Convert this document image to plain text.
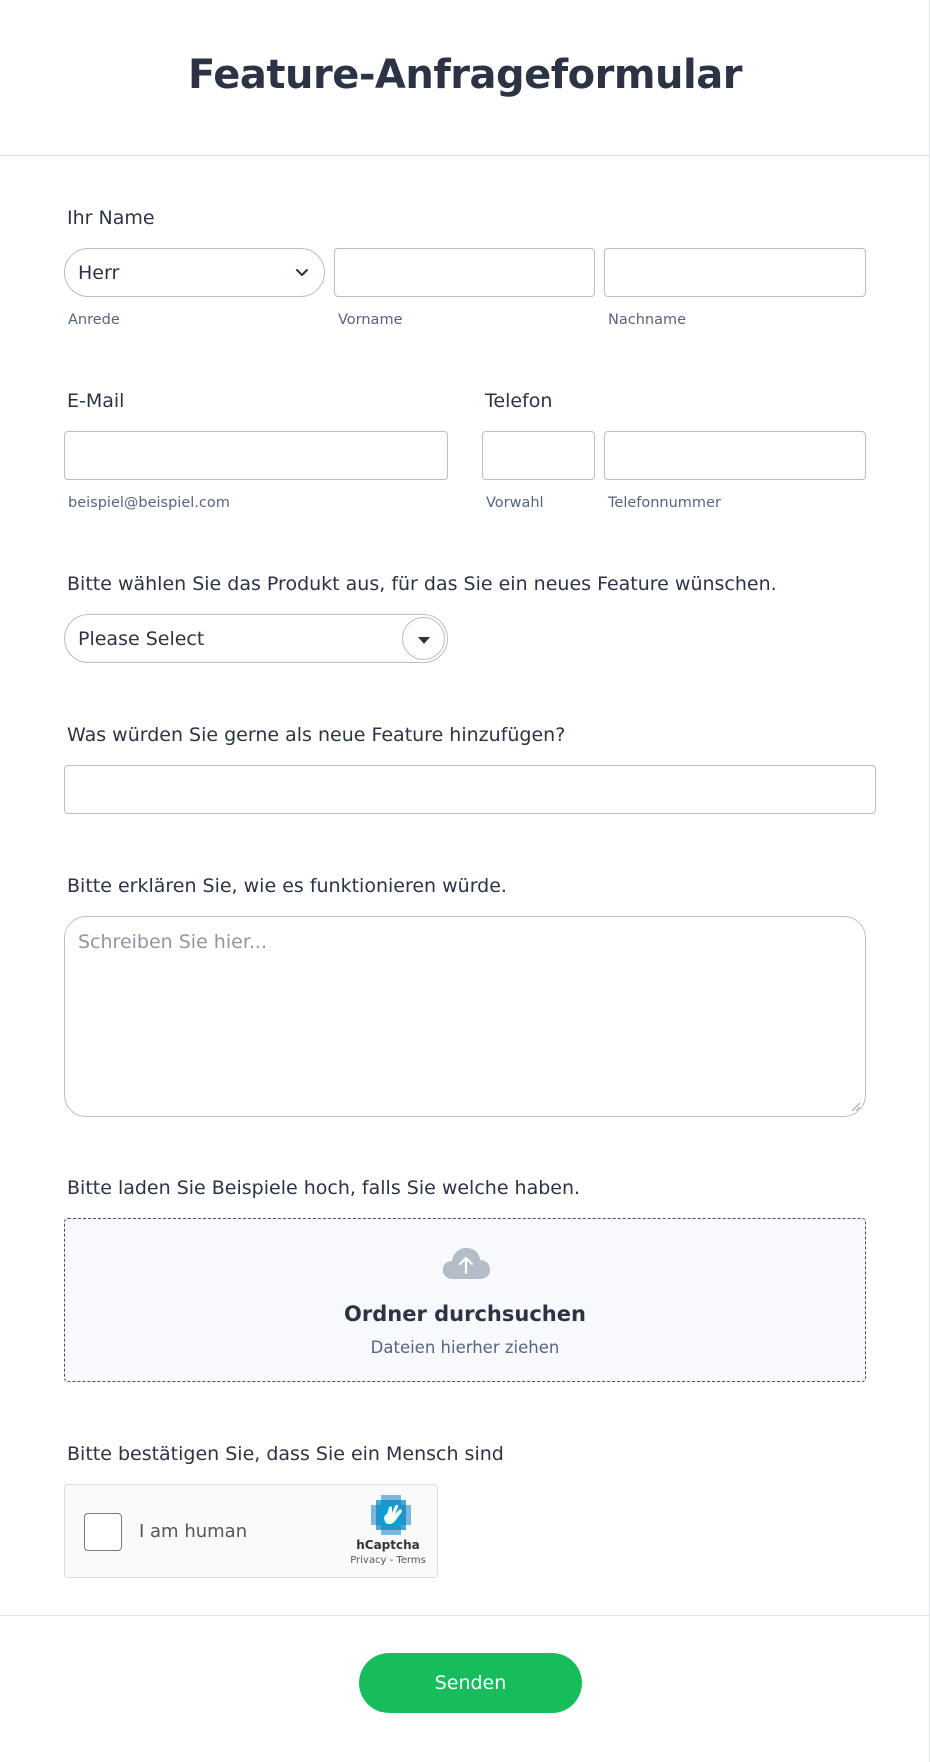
Feature-Anfrageformular
Ihr Name
Herr
Anrede	Vorname	Nachname
E-Mail
beispiel@beispiel.com
Telefon
Vorwahl	Telefonnummer
Bitte wählen Sie das Produkt aus, für das Sie ein neues Feature wünschen.
Please Select
Was würden Sie gerne als neue Feature hinzufügen?
Bitte erklären Sie, wie es funktionieren würde.
Schreiben Sie hier...
Bitte laden Sie Beispiele hoch, falls Sie welche haben.
Ordner durchsuchen
Dateien hierher ziehen
Bitte bestätigen Sie, dass Sie ein Mensch sind
I am human
hCaptcha
Privacy - Terms
Senden
